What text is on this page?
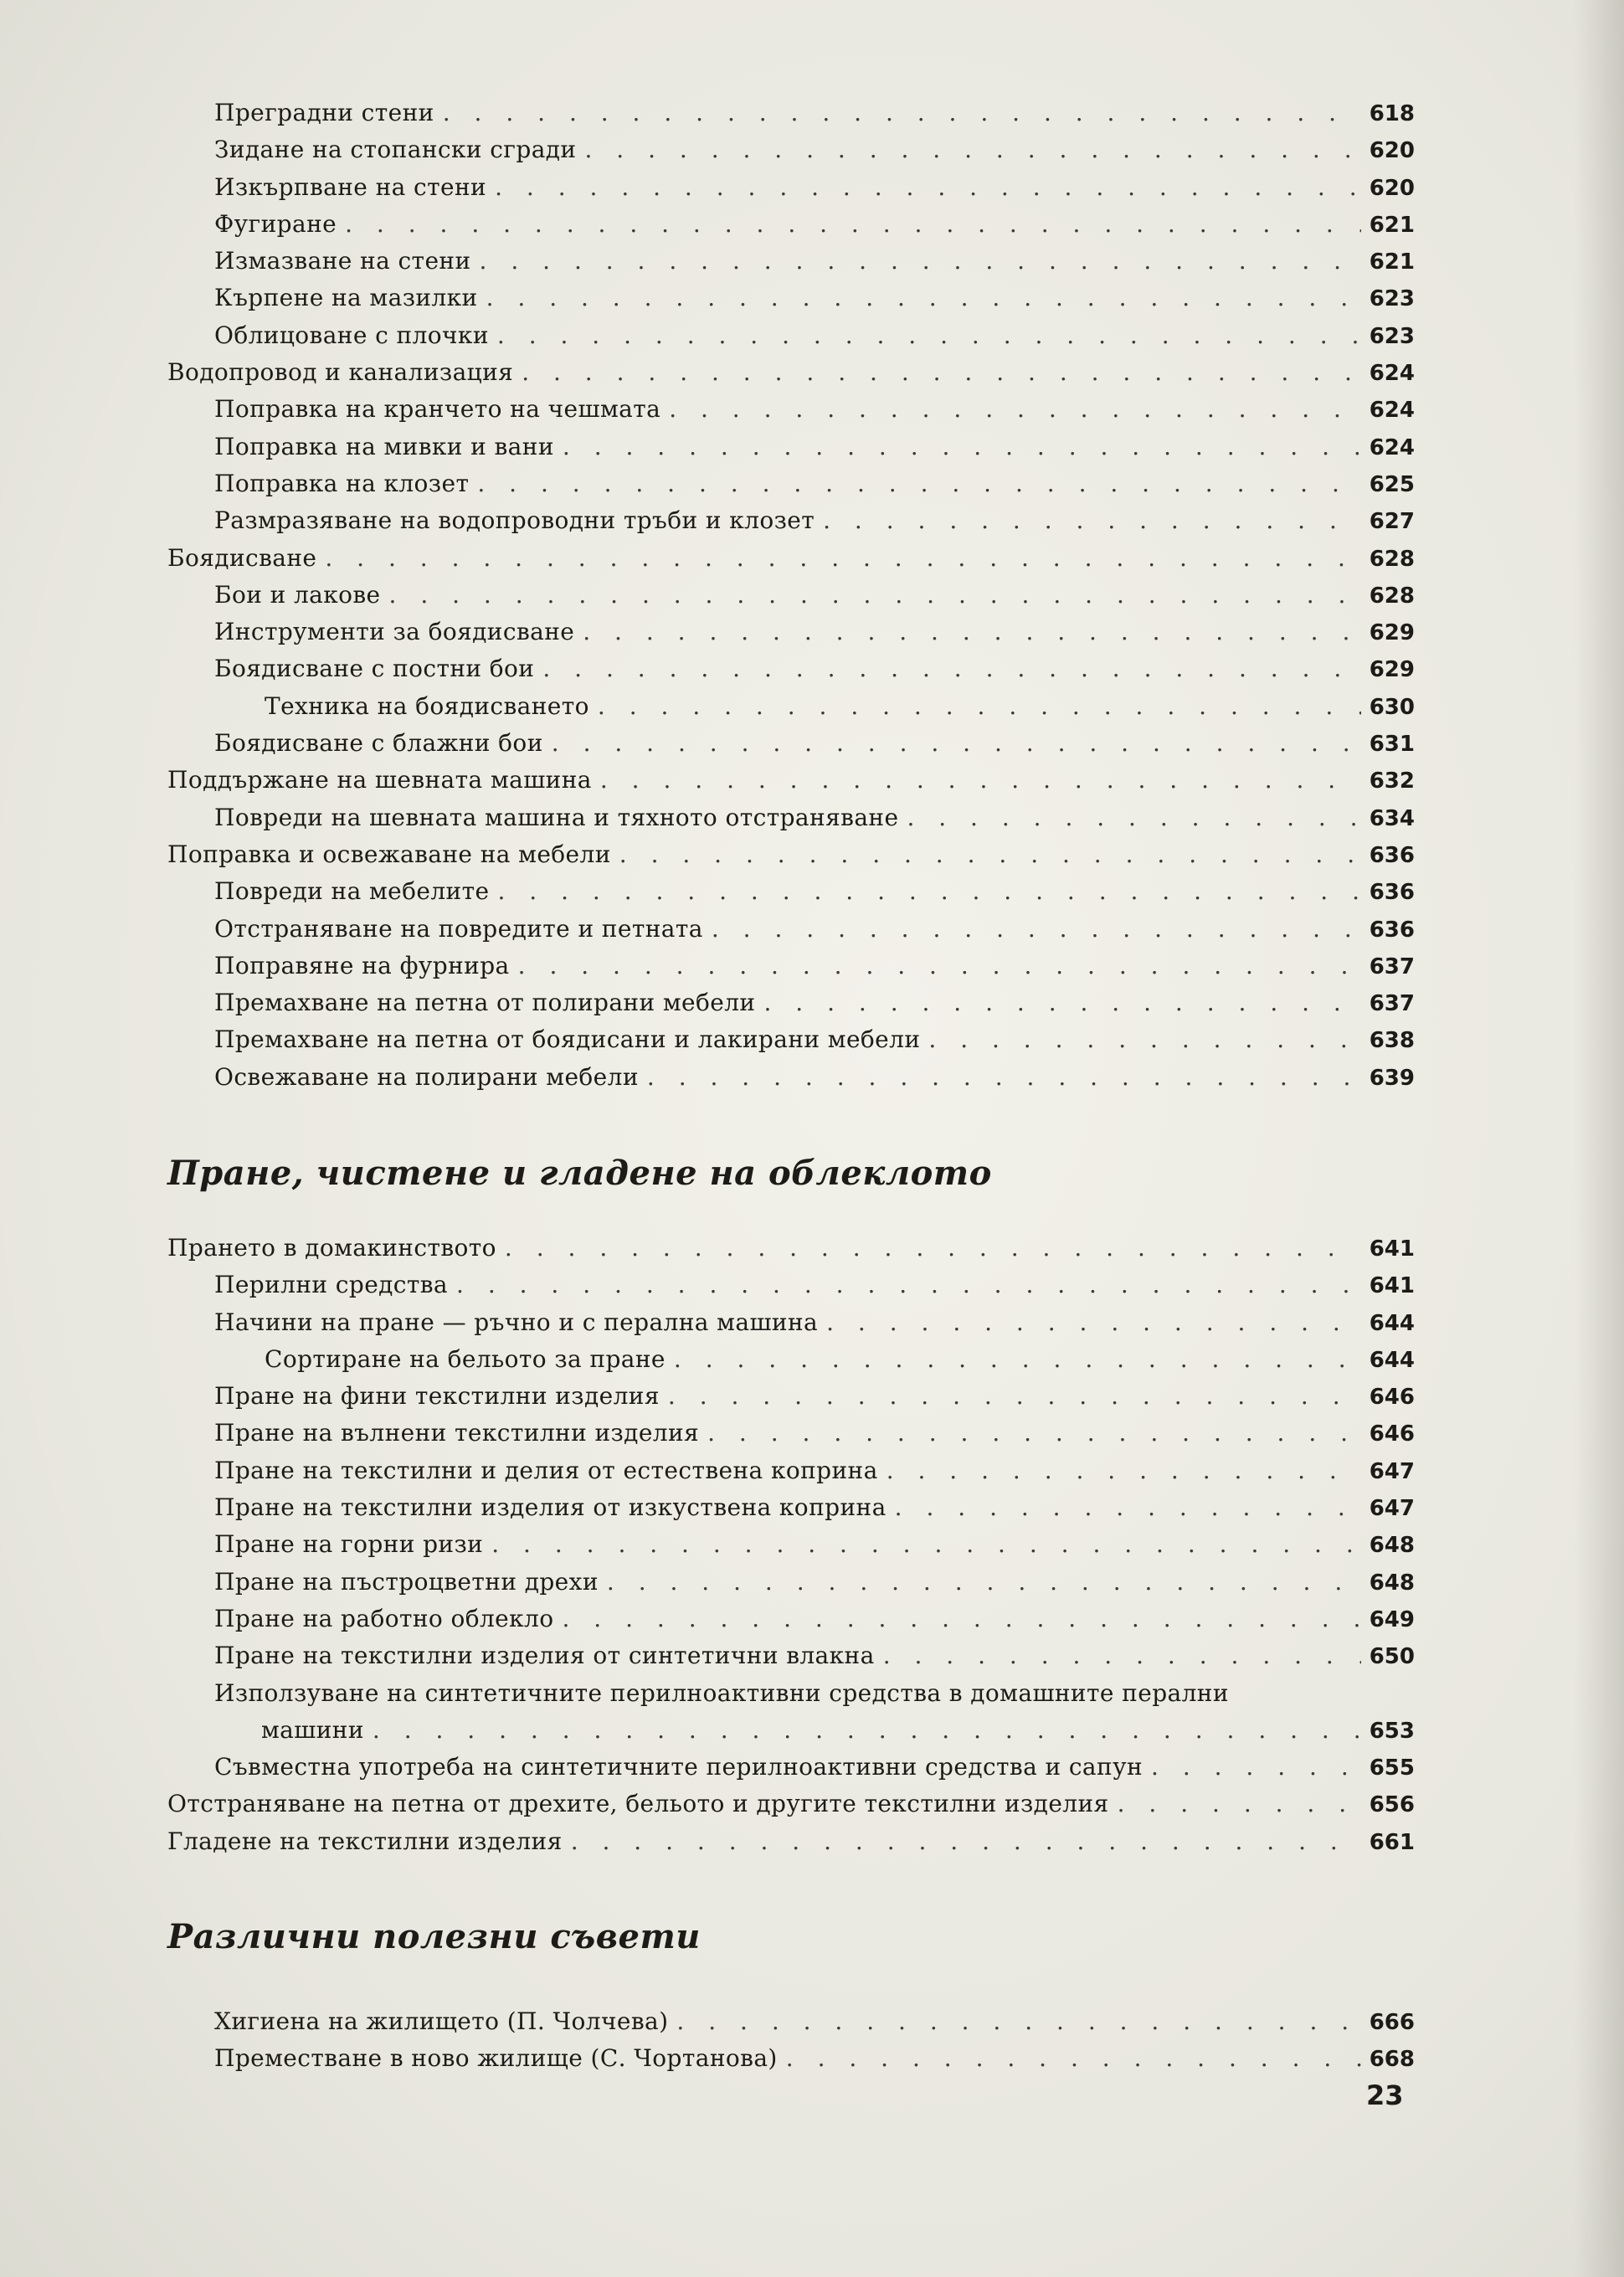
Преградни стени . . .	618
Зидане на стопански сгради . . .	620
Изкърпване на стени . . .	620
Фугиране . . .	621
Измазване на стени . . .	621
Кърпене на мазилки . . .	623
Облицоване с плочки . . .	623
Водопровод и канализация . . .	624
Поправка на кранчето на чешмата . . .	624
Поправка на мивки и вани . . .	624
Поправка на клозет . . .	625
Размразяване на водопроводни тръби и клозет . . .	627
Боядисване . . .	628
Бои и лакове . . .	628
Инструменти за боядисване . . .	629
Боядисване с постни бои . . .	629
Техника на боядисването . . .	630
Боядисване с блажни бои . . .	631
Поддържане на шевната машина . . .	632
Повреди на шевната машина и тяхното отстраняване . . .	634
Поправка и освежаване на мебели . . .	636
Повреди на мебелите . . .	636
Отстраняване на повредите и петната . . .	636
Поправяне на фурнира . . .	637
Премахване на петна от полирани мебели . . .	637
Премахване на петна от боядисани и лакирани мебели . . .	638
Освежаване на полирани мебели . . .	639
Пране, чистене и гладене на облеклото
Прането в домакинството . . .	641
Перилни средства . . .	641
Начини на пране — ръчно и с перална машина . . .	644
Сортиране на бельото за пране . . .	644
Пране на фини текстилни изделия . . .	646
Пране на вълнени текстилни изделия . . .	646
Пране на текстилни и делия от естествена коприна . . .	647
Пране на текстилни изделия от изкуствена коприна . . .	647
Пране на горни ризи . . .	648
Пране на пъстроцветни дрехи . . .	648
Пране на работно облекло . . .	649
Пране на текстилни изделия от синтетични влакна . . .	650
Използуване на синтетичните перилноактивни средства в домашните перални
машини . . .	653
Съвместна употреба на синтетичните перилноактивни средства и сапун . . .	655
Отстраняване на петна от дрехите, бельото и другите текстилни изделия . . .	656
Гладене на текстилни изделия . . .	661
Различни полезни съвети
Хигиена на жилището (П. Чолчева) . . .	666
Преместване в ново жилище (С. Чортанова) . . .	668
23
